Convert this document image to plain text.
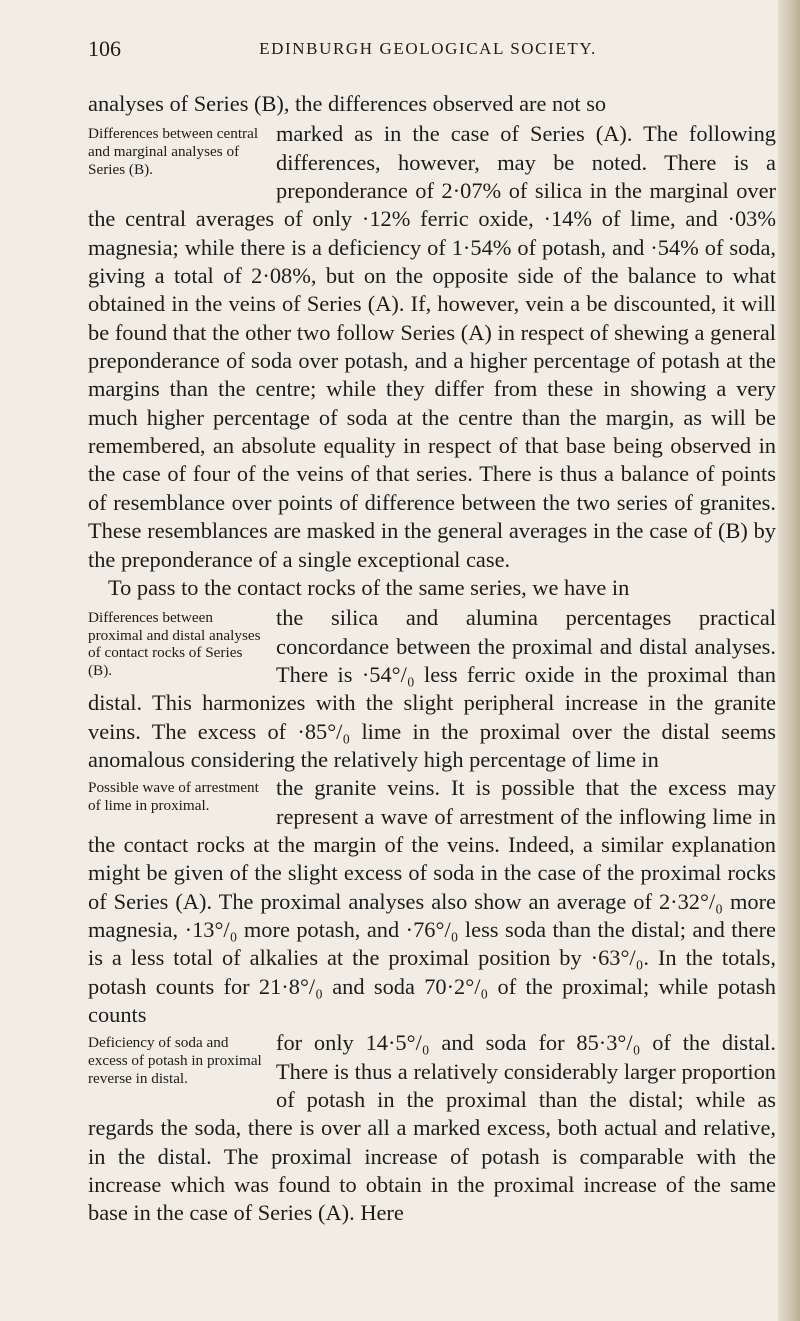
106	EDINBURGH GEOLOGICAL SOCIETY.

analyses of Series (B), the differences observed are not so

Differences between central and marginal analyses of Series (B).

marked as in the case of Series (A). The following differences, however, may be noted. There is a preponderance of 2·07% of silica in the marginal over the central averages of only ·12% ferric oxide, ·14% of lime, and ·03% magnesia; while there is a deficiency of 1·54% of potash, and ·54% of soda, giving a total of 2·08%, but on the opposite side of the balance to what obtained in the veins of Series (A). If, however, vein a be discounted, it will be found that the other two follow Series (A) in respect of shewing a general preponderance of soda over potash, and a higher percentage of potash at the margins than the centre; while they differ from these in showing a very much higher percentage of soda at the centre than the margin, as will be remembered, an absolute equality in respect of that base being observed in the case of four of the veins of that series. There is thus a balance of points of resemblance over points of difference between the two series of granites. These resemblances are masked in the general averages in the case of (B) by the preponderance of a single exceptional case.

To pass to the contact rocks of the same series, we have in

Differences between proximal and distal analyses of contact rocks of Series (B).

the silica and alumina percentages practical concordance between the proximal and distal analyses. There is ·54°/₀ less ferric oxide in the proximal than distal. This harmonizes with the slight peripheral increase in the granite veins. The excess of ·85°/₀ lime in the proximal over the distal seems anomalous considering the relatively high percentage of lime in

Possible wave of arrestment of lime in proximal.

the granite veins. It is possible that the excess may represent a wave of arrestment of the inflowing lime in the contact rocks at the margin of the veins. Indeed, a similar explanation might be given of the slight excess of soda in the case of the proximal rocks of Series (A). The proximal analyses also show an average of 2·32°/₀ more magnesia, ·13°/₀ more potash, and ·76°/₀ less soda than the distal; and there is a less total of alkalies at the proximal position by ·63°/₀. In the totals, potash counts for 21·8°/₀ and soda 70·2°/₀ of the proximal; while potash counts

Deficiency of soda and excess of potash in proximal reverse in distal.

for only 14·5°/₀ and soda for 85·3°/₀ of the distal. There is thus a relatively considerably larger proportion of potash in the proximal than the distal; while as regards the soda, there is over all a marked excess, both actual and relative, in the distal. The proximal increase of potash is comparable with the increase which was found to obtain in the proximal increase of the same base in the case of Series (A). Here
